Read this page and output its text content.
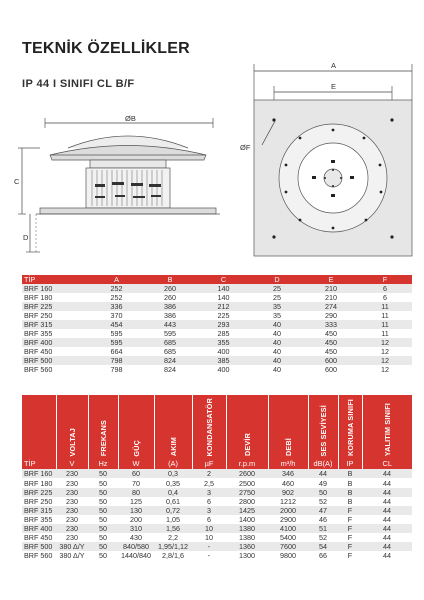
TEKNİK ÖZELLİKLER
IP 44 I SINIFI CL B/F
ØB
C
D
A
E
ØF
TİP	A	B	C	D	E	F
BRF 160	252	260	140	25	210	6
BRF 180	252	260	140	25	210	6
BRF 225	336	386	212	35	274	11
BRF 250	370	386	225	35	290	11
BRF 315	454	443	293	40	333	11
BRF 355	595	595	285	40	450	11
BRF 400	595	685	355	40	450	12
BRF 450	664	685	400	40	450	12
BRF 500	798	824	385	40	600	12
BRF 560	798	824	400	40	600	12
	VOLTAJ	FREKANS	GÜÇ	AKIM	KONDANSATÖR	DEVİR	DEBİ	SES SEVİYESİ	KORUMA SINIFI	YALITIM SINIFI
TİP	V	Hz	W	(A)	µF	r.p.m	m³/h	dB(A)	IP	CL
BRF 160	230	50	60	0,3	2	2600	346	44	B	44
BRF 180	230	50	70	0,35	2,5	2500	460	49	B	44
BRF 225	230	50	80	0,4	3	2750	902	50	B	44
BRF 250	230	50	125	0,61	6	2800	1212	52	B	44
BRF 315	230	50	130	0,72	3	1425	2000	47	F	44
BRF 355	230	50	200	1,05	6	1400	2900	46	F	44
BRF 400	230	50	310	1,56	10	1380	4100	51	F	44
BRF 450	230	50	430	2,2	10	1380	5400	52	F	44
BRF 500	380 Δ/Y	50	840/580	1,95/1,12	-	1360	7600	54	F	44
BRF 560	380 Δ/Y	50	1440/840	2,8/1,6	-	1300	9800	66	F	44
